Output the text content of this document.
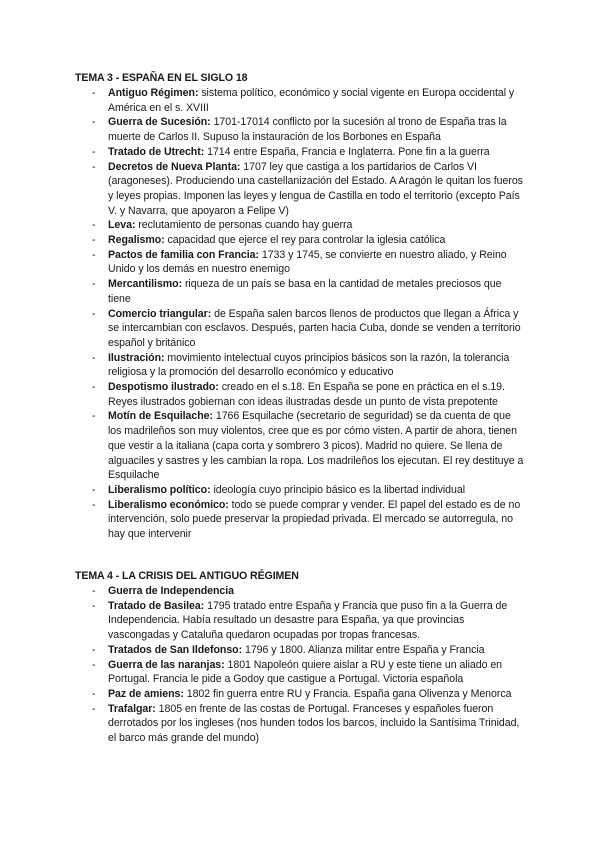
TEMA 3 - ESPAÑA EN EL SIGLO 18
- Antiguo Régimen: sistema político, económico y social vigente en Europa occidental y América en el s. XVIII
- Guerra de Sucesión: 1701-17014 conflicto por la sucesión al trono de España tras la muerte de Carlos II. Supuso la instauración de los Borbones en España
- Tratado de Utrecht: 1714 entre España, Francia e Inglaterra. Pone fin a la guerra
- Decretos de Nueva Planta: 1707 ley que castiga a los partidarios de Carlos VI (aragoneses). Produciendo una castellanización del Estado. A Aragón le quitan los fueros y leyes propias. Imponen las leyes y lengua de Castilla en todo el territorio (excepto País V. y Navarra, que apoyaron a Felipe V)
- Leva: reclutamiento de personas cuando hay guerra
- Regalismo: capacidad que ejerce el rey para controlar la iglesia católica
- Pactos de familia con Francia: 1733 y 1745, se convierte en nuestro aliado, y Reino Unido y los demás en nuestro enemigo
- Mercantilismo: riqueza de un país se basa en la cantidad de metales preciosos que tiene
- Comercio triangular: de España salen barcos llenos de productos que llegan a África y se intercambian con esclavos. Después, parten hacia Cuba, donde se venden a territorio español y británico
- Ilustración: movimiento intelectual cuyos principios básicos son la razón, la tolerancia religiosa y la promoción del desarrollo económico y educativo
- Despotismo ilustrado: creado en el s.18. En España se pone en práctica en el s.19. Reyes ilustrados gobiernan con ideas ilustradas desde un punto de vista prepotente
- Motín de Esquilache: 1766 Esquilache (secretario de seguridad) se da cuenta de que los madrileños son muy violentos, cree que es por cómo visten. A partir de ahora, tienen que vestir a la italiana (capa corta y sombrero 3 picos). Madrid no quiere. Se llena de alguaciles y sastres y les cambian la ropa. Los madrileños los ejecutan. El rey destituye a Esquilache
- Liberalismo político: ideología cuyo principio básico es la libertad individual
- Liberalismo económico: todo se puede comprar y vender. El papel del estado es de no intervención, solo puede preservar la propiedad privada. El mercado se autorregula, no hay que intervenir
TEMA 4 - LA CRISIS DEL ANTIGUO RÉGIMEN
- Guerra de Independencia
- Tratado de Basilea: 1795 tratado entre España y Francia que puso fin a la Guerra de Independencia. Había resultado un desastre para España, ya que provincias vascongadas y Cataluña quedaron ocupadas por tropas francesas.
- Tratados de San Ildefonso: 1796 y 1800. Alianza militar entre España y Francia
- Guerra de las naranjas: 1801 Napoleón quiere aislar a RU y este tiene un aliado en Portugal. Francia le pide a Godoy que castigue a Portugal. Victoria española
- Paz de amiens: 1802 fin guerra entre RU y Francia. España gana Olivenza y Menorca
- Trafalgar: 1805 en frente de las costas de Portugal. Franceses y españoles fueron derrotados por los ingleses (nos hunden todos los barcos, incluido la Santísima Trinidad, el barco más grande del mundo)
